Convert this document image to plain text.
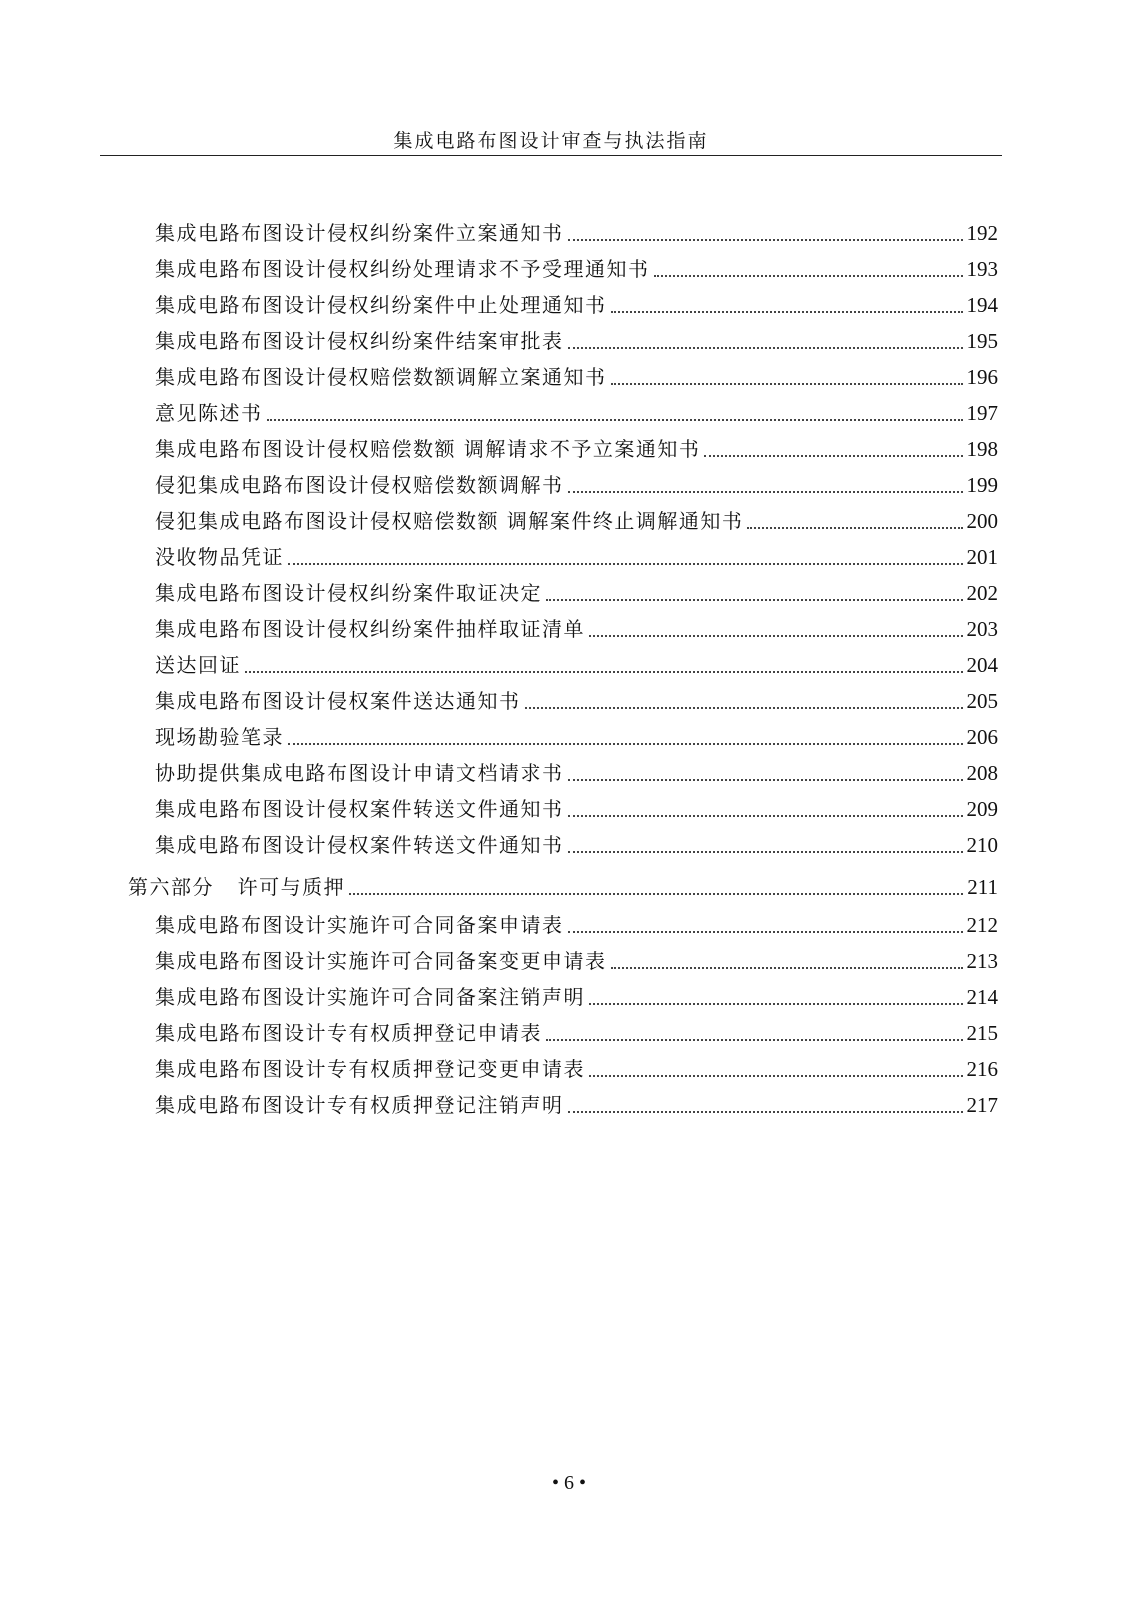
集成电路布图设计审查与执法指南
集成电路布图设计侵权纠纷案件立案通知书	192
集成电路布图设计侵权纠纷处理请求不予受理通知书	193
集成电路布图设计侵权纠纷案件中止处理通知书	194
集成电路布图设计侵权纠纷案件结案审批表	195
集成电路布图设计侵权赔偿数额调解立案通知书	196
意见陈述书	197
集成电路布图设计侵权赔偿数额 调解请求不予立案通知书	198
侵犯集成电路布图设计侵权赔偿数额调解书	199
侵犯集成电路布图设计侵权赔偿数额 调解案件终止调解通知书	200
没收物品凭证	201
集成电路布图设计侵权纠纷案件取证决定	202
集成电路布图设计侵权纠纷案件抽样取证清单	203
送达回证	204
集成电路布图设计侵权案件送达通知书	205
现场勘验笔录	206
协助提供集成电路布图设计申请文档请求书	208
集成电路布图设计侵权案件转送文件通知书	209
集成电路布图设计侵权案件转送文件通知书	210
第六部分   许可与质押	211
集成电路布图设计实施许可合同备案申请表	212
集成电路布图设计实施许可合同备案变更申请表	213
集成电路布图设计实施许可合同备案注销声明	214
集成电路布图设计专有权质押登记申请表	215
集成电路布图设计专有权质押登记变更申请表	216
集成电路布图设计专有权质押登记注销声明	217
• 6 •
